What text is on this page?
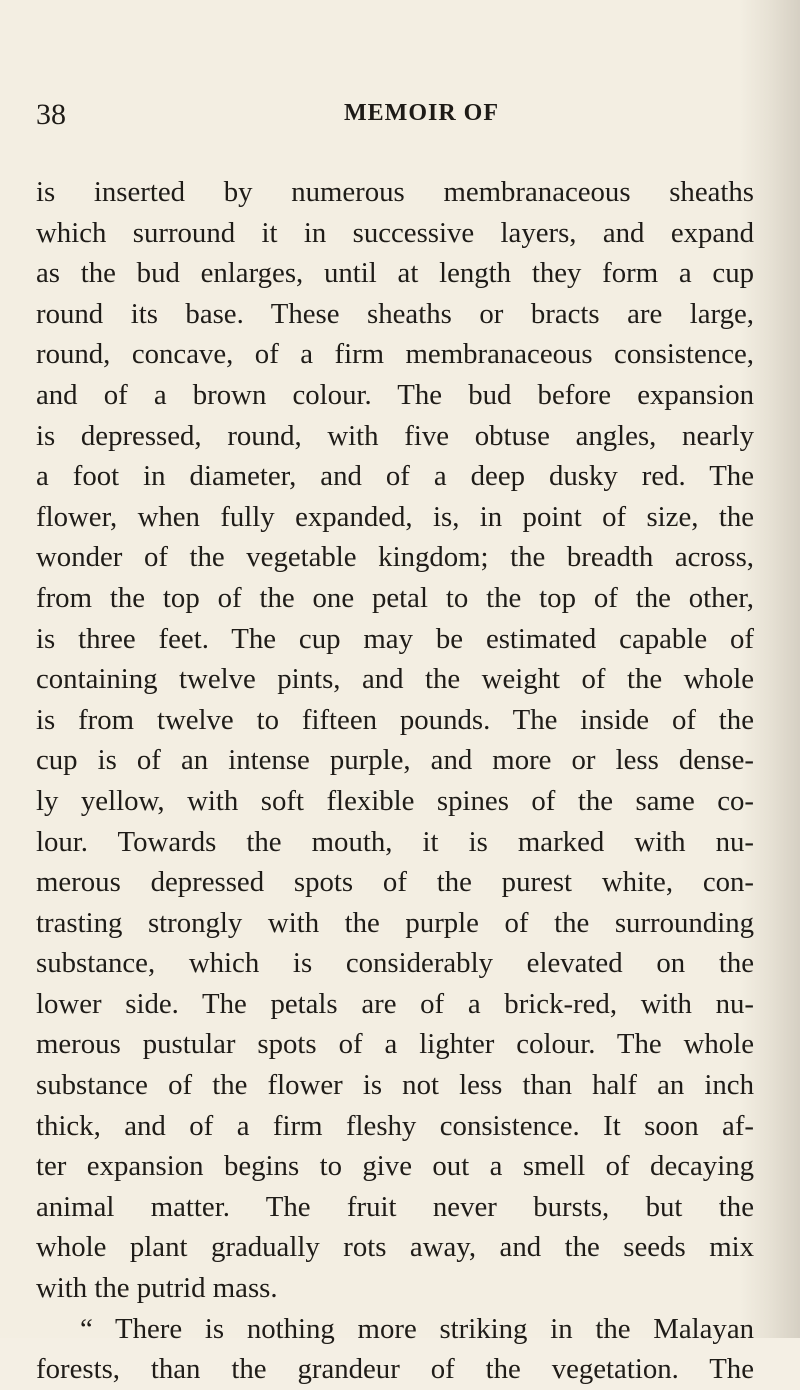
38	MEMOIR OF
is inserted by numerous membranaceous sheaths
which surround it in successive layers, and expand
as the bud enlarges, until at length they form a cup
round its base. These sheaths or bracts are large,
round, concave, of a firm membranaceous consistence,
and of a brown colour. The bud before expansion
is depressed, round, with five obtuse angles, nearly
a foot in diameter, and of a deep dusky red. The
flower, when fully expanded, is, in point of size, the
wonder of the vegetable kingdom; the breadth across,
from the top of the one petal to the top of the other,
is three feet. The cup may be estimated capable of
containing twelve pints, and the weight of the whole
is from twelve to fifteen pounds. The inside of the
cup is of an intense purple, and more or less dense-
ly yellow, with soft flexible spines of the same co-
lour. Towards the mouth, it is marked with nu-
merous depressed spots of the purest white, con-
trasting strongly with the purple of the surrounding
substance, which is considerably elevated on the
lower side. The petals are of a brick-red, with nu-
merous pustular spots of a lighter colour. The whole
substance of the flower is not less than half an inch
thick, and of a firm fleshy consistence. It soon af-
ter expansion begins to give out a smell of decaying
animal matter. The fruit never bursts, but the
whole plant gradually rots away, and the seeds mix
with the putrid mass.
“ There is nothing more striking in the Malayan
forests, than the grandeur of the vegetation. The
